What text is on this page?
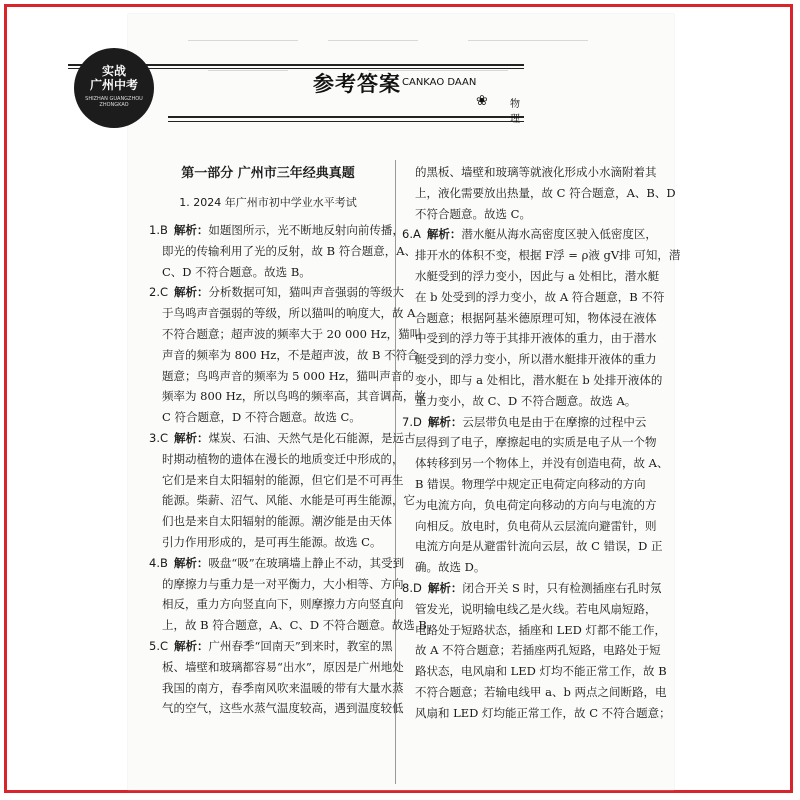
实战
广州中考
SHIZHAN GUANGZHOU ZHONGKAO
参考答案 CANKAO DAAN
❀ 物理
第一部分 广州市三年经典真题
1. 2024 年广州市初中学业水平考试
1.B 解析：如题图所示，光不断地反射向前传播，
即光的传输利用了光的反射，故 B 符合题意，A、
C、D 不符合题意。故选 B。
2.C 解析：分析数据可知，猫叫声音强弱的等级大
于鸟鸣声音强弱的等级，所以猫叫的响度大，故 A
不符合题意；超声波的频率大于 20 000 Hz，猫叫
声音的频率为 800 Hz，不是超声波，故 B 不符合
题意；鸟鸣声音的频率为 5 000 Hz，猫叫声音的
频率为 800 Hz，所以鸟鸣的频率高，其音调高，故
C 符合题意，D 不符合题意。故选 C。
3.C 解析：煤炭、石油、天然气是化石能源，是远古
时期动植物的遗体在漫长的地质变迁中形成的，
它们是来自太阳辐射的能源，但它们是不可再生
能源。柴薪、沼气、风能、水能是可再生能源，它
们也是来自太阳辐射的能源。潮汐能是由天体
引力作用形成的，是可再生能源。故选 C。
4.B 解析：吸盘“吸”在玻璃墙上静止不动，其受到
的摩擦力与重力是一对平衡力，大小相等、方向
相反，重力方向竖直向下，则摩擦力方向竖直向
上，故 B 符合题意，A、C、D 不符合题意。故选 B。
5.C 解析：广州春季“回南天”到来时，教室的黑
板、墙壁和玻璃都容易“出水”，原因是广州地处
我国的南方，春季南风吹来温暖的带有大量水蒸
气的空气，这些水蒸气温度较高，遇到温度较低
的黑板、墙壁和玻璃等就液化形成小水滴附着其
上，液化需要放出热量，故 C 符合题意，A、B、D
不符合题意。故选 C。
6.A 解析：潜水艇从海水高密度区驶入低密度区，
排开水的体积不变，根据 F浮 = ρ液 gV排 可知，潜
水艇受到的浮力变小，因此与 a 处相比，潜水艇
在 b 处受到的浮力变小，故 A 符合题意，B 不符
合题意；根据阿基米德原理可知，物体浸在液体
中受到的浮力等于其排开液体的重力，由于潜水
艇受到的浮力变小，所以潜水艇排开液体的重力
变小，即与 a 处相比，潜水艇在 b 处排开液体的
重力变小，故 C、D 不符合题意。故选 A。
7.D 解析：云层带负电是由于在摩擦的过程中云
层得到了电子，摩擦起电的实质是电子从一个物
体转移到另一个物体上，并没有创造电荷，故 A、
B 错误。物理学中规定正电荷定向移动的方向
为电流方向，负电荷定向移动的方向与电流的方
向相反。放电时，负电荷从云层流向避雷针，则
电流方向是从避雷针流向云层，故 C 错误，D 正
确。故选 D。
8.D 解析：闭合开关 S 时，只有检测插座右孔时氖
管发光，说明输电线乙是火线。若电风扇短路，
电路处于短路状态，插座和 LED 灯都不能工作，
故 A 不符合题意；若插座两孔短路，电路处于短
路状态，电风扇和 LED 灯均不能正常工作，故 B
不符合题意；若输电线甲 a、b 两点之间断路，电
风扇和 LED 灯均能正常工作，故 C 不符合题意；
